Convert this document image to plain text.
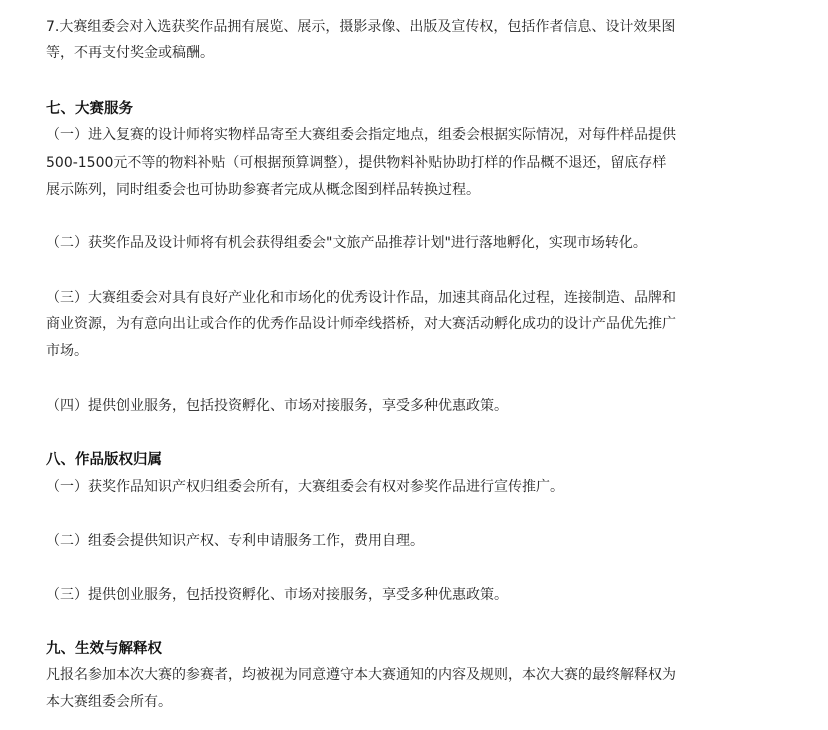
7.大赛组委会对入选获奖作品拥有展览、展示，摄影录像、出版及宣传权，包括作者信息、设计效果图

等，不再支付奖金或稿酬。

七、大赛服务

（一）进入复赛的设计师将实物样品寄至大赛组委会指定地点，组委会根据实际情况，对每件样品提供

500-1500元不等的物料补贴（可根据预算调整），提供物料补贴协助打样的作品概不退还，留底存样

展示陈列，同时组委会也可协助参赛者完成从概念图到样品转换过程。

（二）获奖作品及设计师将有机会获得组委会"文旅产品推荐计划"进行落地孵化，实现市场转化。

（三）大赛组委会对具有良好产业化和市场化的优秀设计作品，加速其商品化过程，连接制造、品牌和

商业资源，为有意向出让或合作的优秀作品设计师牵线搭桥，对大赛活动孵化成功的设计产品优先推广

市场。

（四）提供创业服务，包括投资孵化、市场对接服务，享受多种优惠政策。

八、作品版权归属

（一）获奖作品知识产权归组委会所有，大赛组委会有权对参奖作品进行宣传推广。

（二）组委会提供知识产权、专利申请服务工作，费用自理。

（三）提供创业服务，包括投资孵化、市场对接服务，享受多种优惠政策。

九、生效与解释权

凡报名参加本次大赛的参赛者，均被视为同意遵守本大赛通知的内容及规则，本次大赛的最终解释权为

本大赛组委会所有。
